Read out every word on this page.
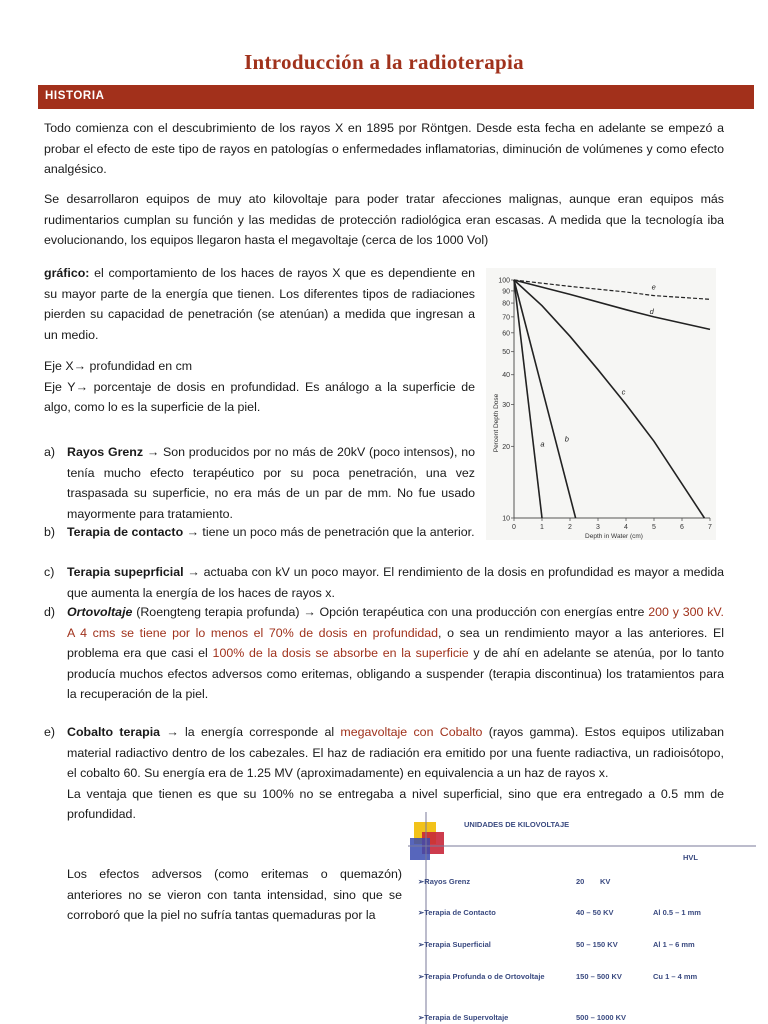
Introducción a la radioterapia
HISTORIA
Todo comienza con el descubrimiento de los rayos X en 1895 por Röntgen. Desde esta fecha en adelante se empezó a probar el efecto de este tipo de rayos en patologías o enfermedades inflamatorias, diminución de volúmenes y como efecto analgésico.
Se desarrollaron equipos de muy ato kilovoltaje para poder tratar afecciones malignas, aunque eran equipos más rudimentarios cumplan su función y las medidas de protección radiológica eran escasas. A medida que la tecnología iba evolucionando, los equipos llegaron hasta el megavoltaje (cerca de los 1000 Vol)
gráfico: el comportamiento de los haces de rayos X que es dependiente en su mayor parte de la energía que tienen. Los diferentes tipos de radiaciones pierden su capacidad de penetración (se atenúan) a medida que ingresan a un medio.
Eje X→ profundidad en cm
Eje Y→ porcentaje de dosis en profundidad. Es análogo a la superficie de algo, como lo es la superficie de la piel.
a) Rayos Grenz → Son producidos por no más de 20kV (poco intensos), no tenía mucho efecto terapéutico por su poca penetración, una vez traspasada su superficie, no era más de un par de mm. No fue usado mayormente para tratamiento.
b) Terapia de contacto → tiene un poco más de penetración que la anterior.
c) Terapia supeprficial → actuaba con kV un poco mayor. El rendimiento de la dosis en profundidad es mayor a medida que aumenta la energía de los haces de rayos x.
d) Ortovoltaje (Roengteng terapia profunda) → Opción terapéutica con una producción con energías entre 200 y 300 kV. A 4 cms se tiene por lo menos el 70% de dosis en profundidad, o sea un rendimiento mayor a las anteriores. El problema era que casi el 100% de la dosis se absorbe en la superficie y de ahí en adelante se atenúa, por lo tanto producía muchos efectos adversos como eritemas, obligando a suspender (terapia discontinua) los tratamientos para la recuperación de la piel.
e) Cobalto terapia → la energía corresponde al megavoltaje con Cobalto (rayos gamma). Estos equipos utilizaban material radiactivo dentro de los cabezales. El haz de radiación era emitido por una fuente radiactiva, un radioisótopo, el cobalto 60. Su energía era de 1.25 MV (aproximadamente) en equivalencia a un haz de rayos x.
La ventaja que tienen es que su 100% no se entregaba a nivel superficial, sino que era entregado a 0.5 mm de profundidad.
Los efectos adversos (como eritemas o quemazón) anteriores no se vieron con tanta intensidad, sino que se corroboró que la piel no sufría tantas quemaduras por la
10
20
30
40
50
60
70
80
90
100
0	1	2	3	4	5	6	7
a
b
c
d
e
Depth in Water (cm)
Percent Depth Dose
UNIDADES DE KILOVOLTAJE
HVL
➢Rayos Grenz	20 KV
➢Terapia de Contacto	40 – 50 KV	Al 0.5 – 1 mm
➢Terapia Superficial	50 – 150 KV	Al 1 – 6 mm
➢Terapia Profunda o de Ortovoltaje	150 – 500 KV	Cu 1 – 4 mm
➢Terapia de Supervoltaje	500 – 1000 KV
